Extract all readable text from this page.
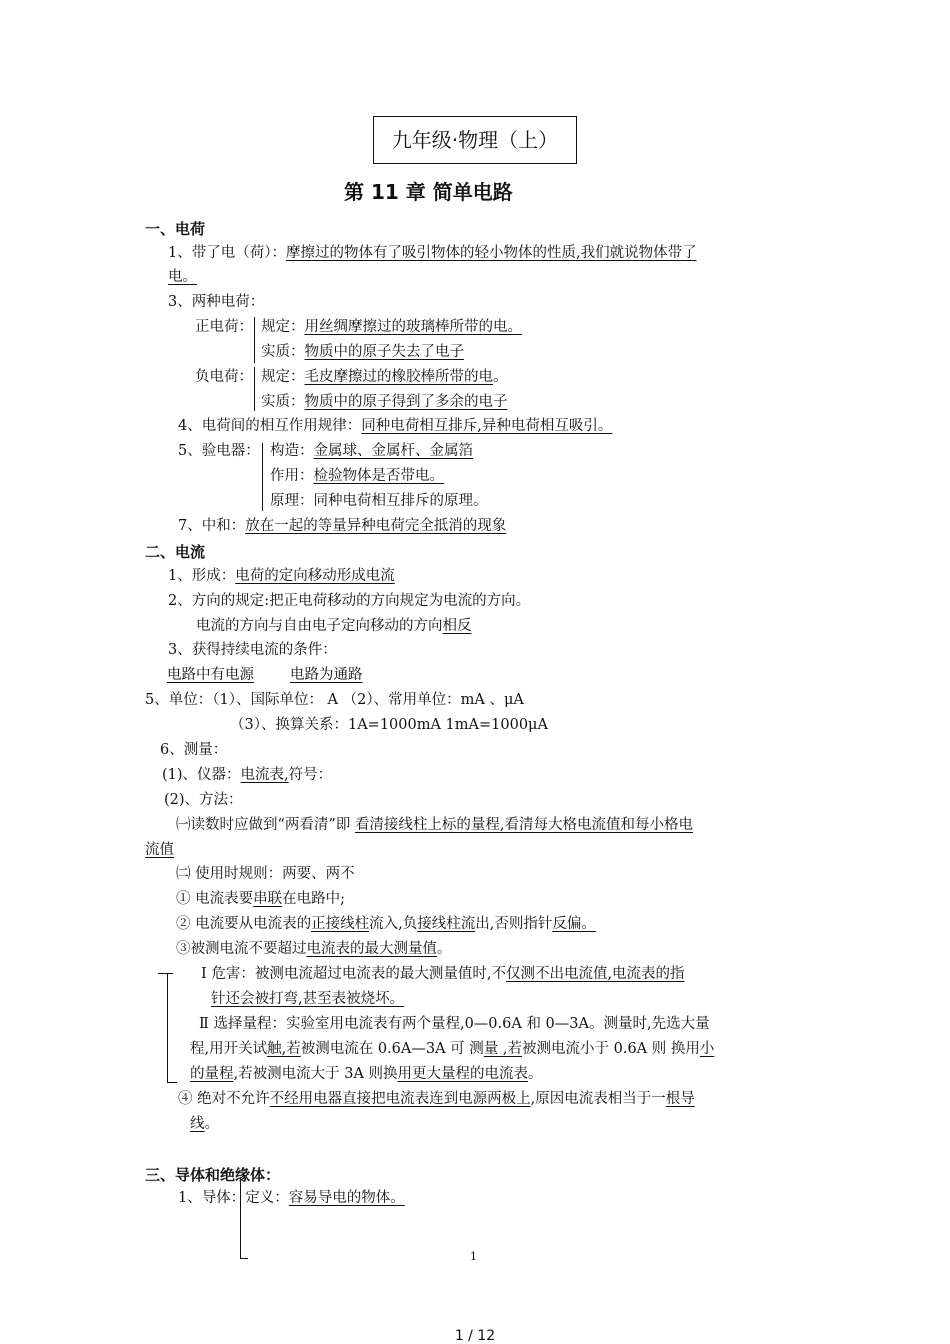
九年级·物理（上）
第 11 章 简单电路
一、电荷
1、带了电（荷）：摩擦过的物体有了吸引物体的轻小物体的性质,我们就说物体带了
电。
3、两种电荷：
正电荷： 规定：用丝绸摩擦过的玻璃棒所带的电。
实质：物质中的原子失去了电子
负电荷： 规定：毛皮摩擦过的橡胶棒所带的电。
实质：物质中的原子得到了多余的电子
4、电荷间的相互作用规律：同种电荷相互排斥,异种电荷相互吸引。
5、验电器： 构造：金属球、金属杆、金属箔
作用：检验物体是否带电。
原理：同种电荷相互排斥的原理。
7、中和：放在一起的等量异种电荷完全抵消的现象
二、电流
1、形成：电荷的定向移动形成电流
2、方向的规定:把正电荷移动的方向规定为电流的方向。
电流的方向与自由电子定向移动的方向相反
3、获得持续电流的条件：
电路中有电源 电路为通路
5、单位：（1）、国际单位： A （2）、常用单位：mA 、μA
（3）、换算关系：1A=1000mA 1mA=1000μA
6、测量：
(1)、仪器：电流表,符号：
(2)、方法：
㈠读数时应做到“两看清”即 看清接线柱上标的量程,看清每大格电流值和每小格电
流值
㈡ 使用时规则：两要、两不
① 电流表要串联在电路中;
② 电流要从电流表的正接线柱流入,负接线柱流出,否则指针反偏。
③被测电流不要超过电流表的最大测量值。
Ⅰ 危害：被测电流超过电流表的最大测量值时,不仅测不出电流值,电流表的指
针还会被打弯,甚至表被烧坏。
Ⅱ 选择量程：实验室用电流表有两个量程,0—0.6A 和 0—3A。测量时,先选大量
程,用开关试触,若被测电流在 0.6A—3A 可 测量 ,若被测电流小于 0.6A 则 换用小
的量程,若被测电流大于 3A 则换用更大量程的电流表。
④ 绝对不允许不经用电器直接把电流表连到电源两极上,原因电流表相当于一根导
线。
三、导体和绝缘体：
1、导体：定义：容易导电的物体。
1
1 / 12
